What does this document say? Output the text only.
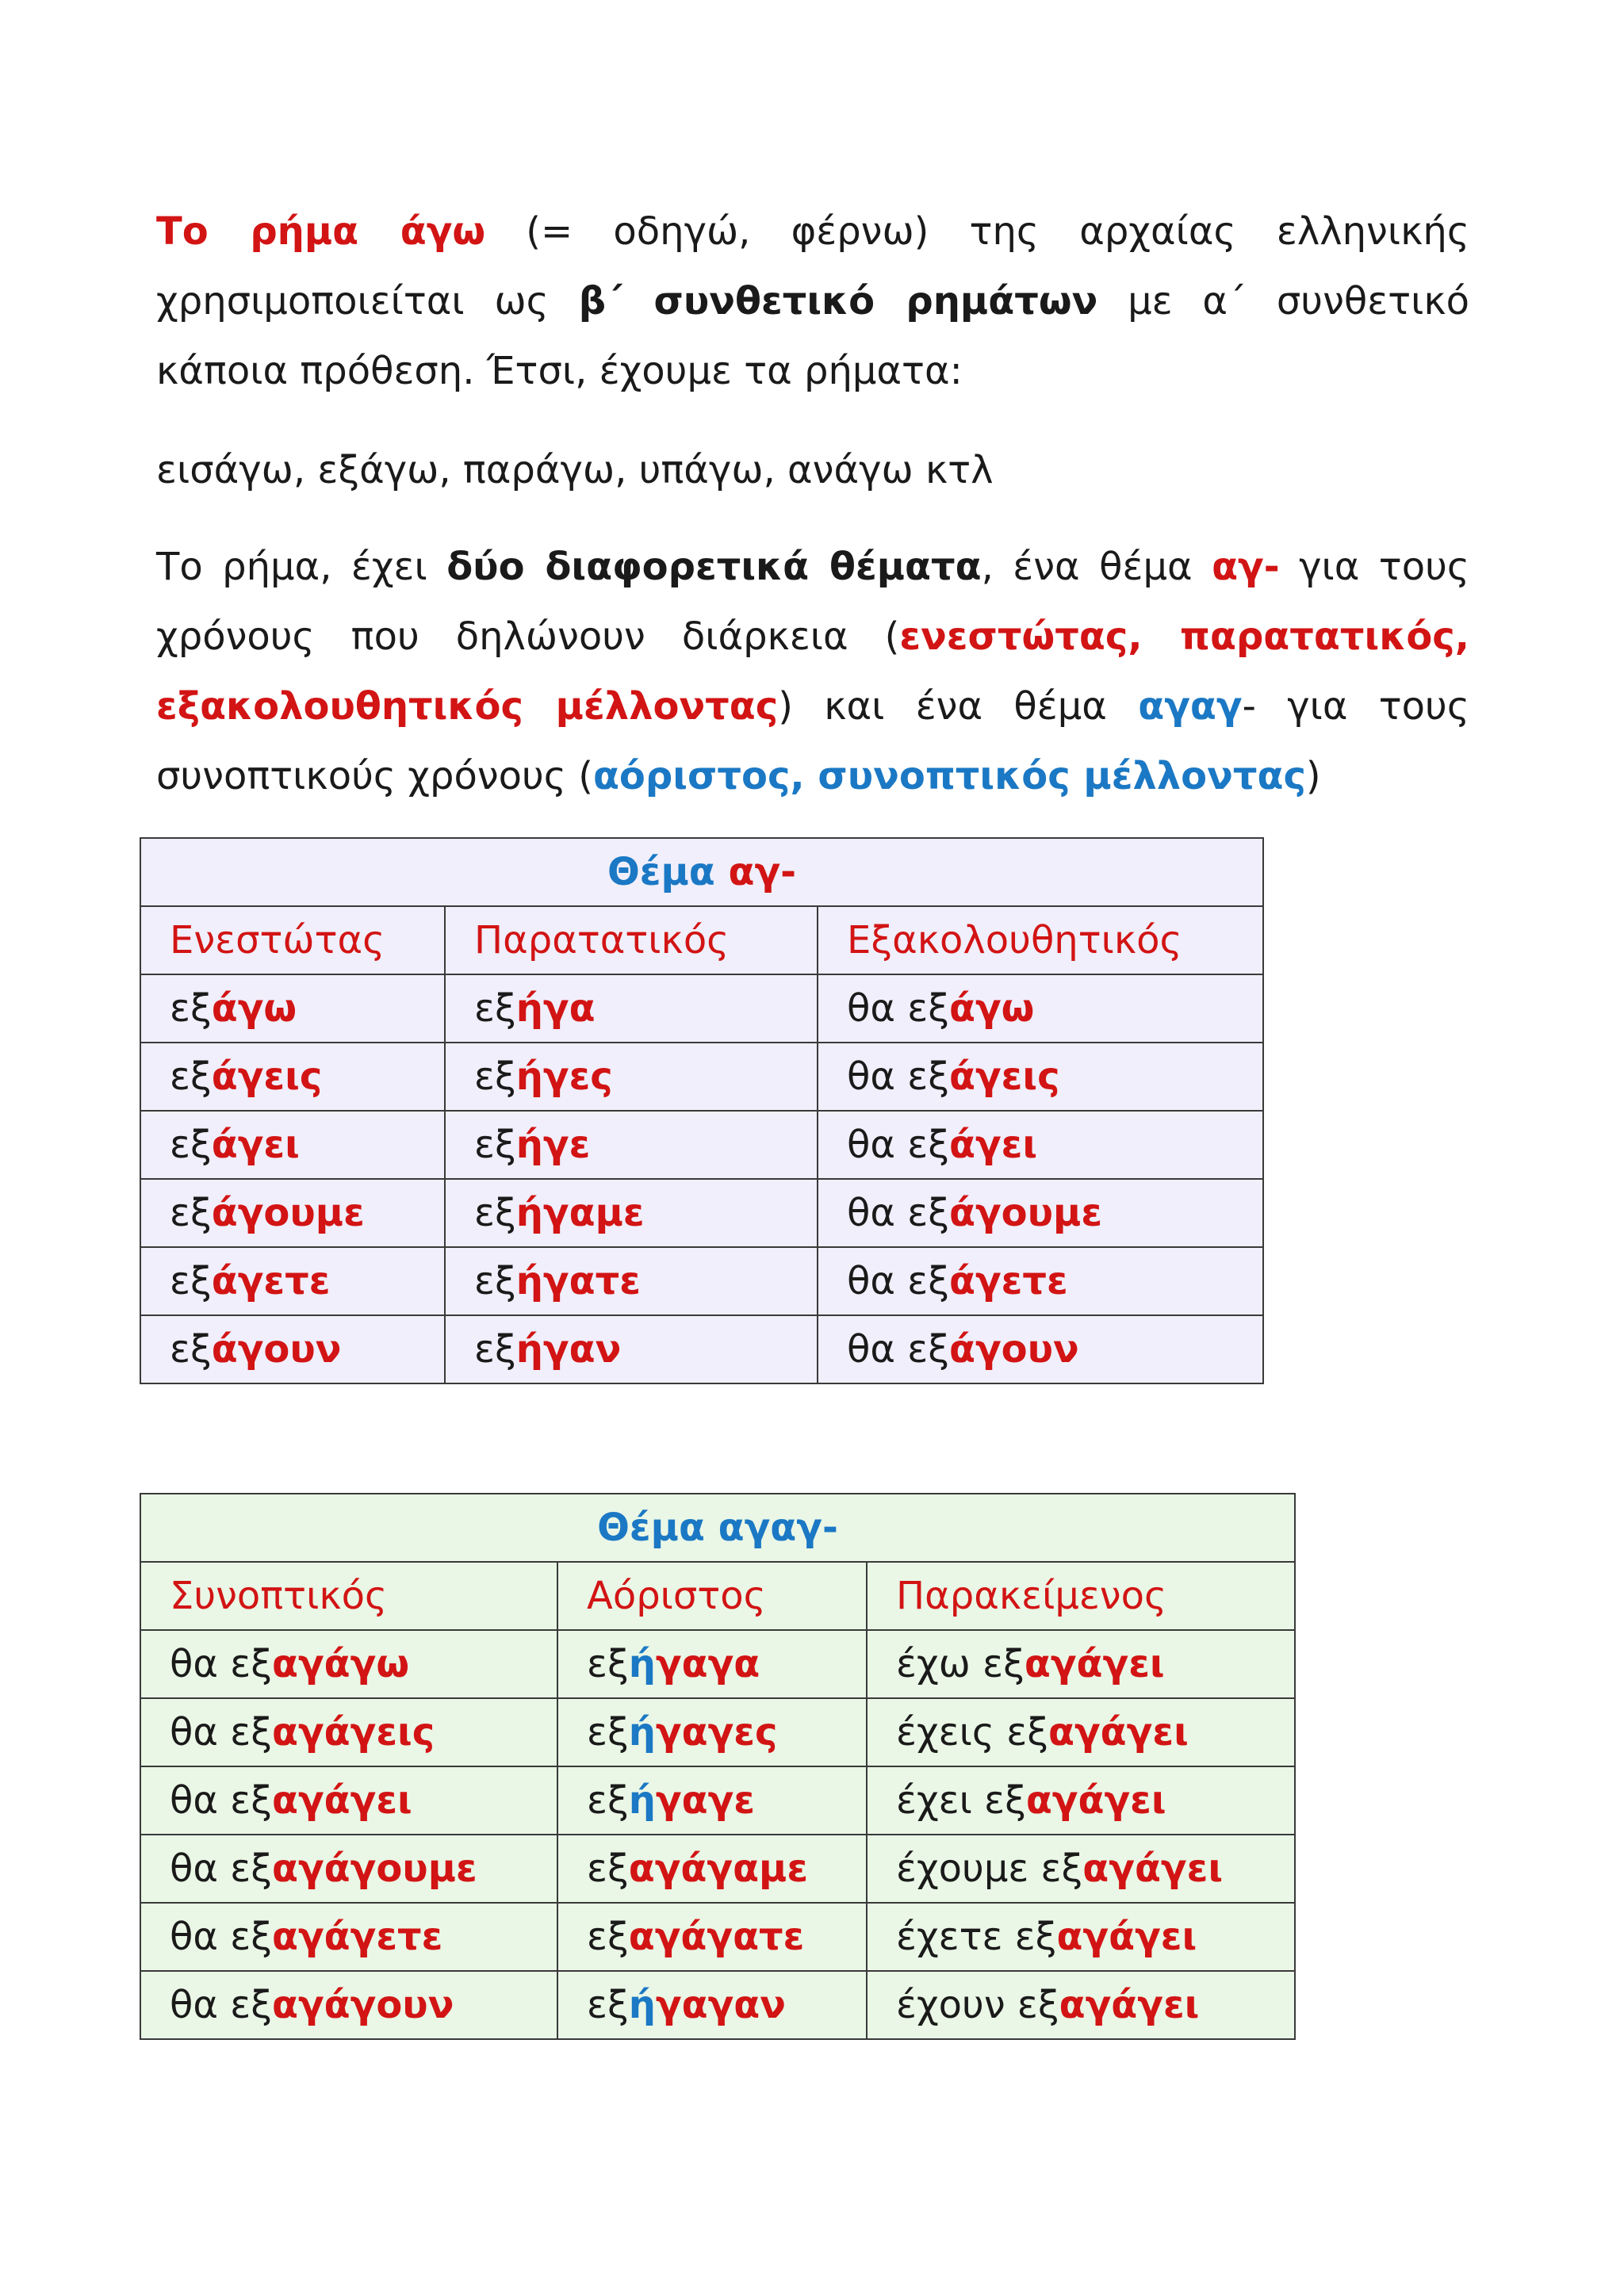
Το ρήμα άγω (= οδηγώ, φέρνω) της αρχαίας ελληνικής χρησιμοποιείται ως β΄ συνθετικό ρημάτων με α΄ συνθετικό κάποια πρόθεση. Έτσι, έχουμε τα ρήματα:
εισάγω, εξάγω, παράγω, υπάγω, ανάγω κτλ
Το ρήμα, έχει δύο διαφορετικά θέματα, ένα θέμα αγ- για τους χρόνους που δηλώνουν διάρκεια (ενεστώτας, παρατατικός, εξακολουθητικός μέλλοντας) και ένα θέμα αγαγ- για τους συνοπτικούς χρόνους (αόριστος, συνοπτικός μέλλοντας)
Θέμα αγ-		
Ενεστώτας	Παρατατικός	Εξακολουθητικός
εξάγω	εξήγα	θα εξάγω
εξάγεις	εξήγες	θα εξάγεις
εξάγει	εξήγε	θα εξάγει
εξάγουμε	εξήγαμε	θα εξάγουμε
εξάγετε	εξήγατε	θα εξάγετε
εξάγουν	εξήγαν	θα εξάγουν
Θέμα αγαγ-		
Συνοπτικός	Αόριστος	Παρακείμενος
θα εξαγάγω	εξήγαγα	έχω εξαγάγει
θα εξαγάγεις	εξήγαγες	έχεις εξαγάγει
θα εξαγάγει	εξήγαγε	έχει εξαγάγει
θα εξαγάγουμε	εξαγάγαμε	έχουμε εξαγάγει
θα εξαγάγετε	εξαγάγατε	έχετε εξαγάγει
θα εξαγάγουν	εξήγαγαν	έχουν εξαγάγει
